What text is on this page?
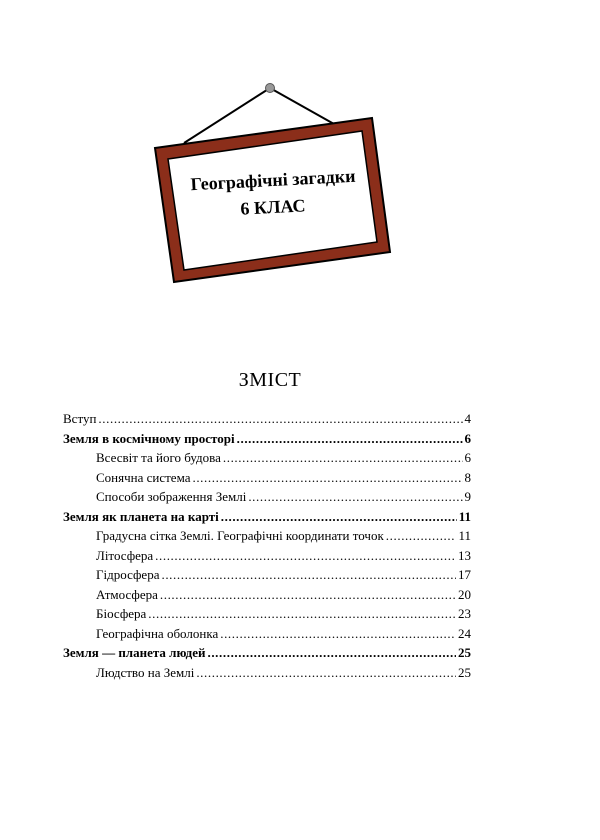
Географічні загадки
6 КЛАС
ЗМІСТ
Вступ .....	4
Земля в космічному просторі .....	6
Всесвіт та його будова .....	6
Сонячна система .....	8
Способи зображення Землі .....	9
Земля як планета на карті .....	11
Градусна сітка Землі. Географічні координати точок .....	11
Літосфера .....	13
Гідросфера .....	17
Атмосфера .....	20
Біосфера .....	23
Географічна оболонка .....	24
Земля — планета людей .....	25
Людство на Землі .....	25
